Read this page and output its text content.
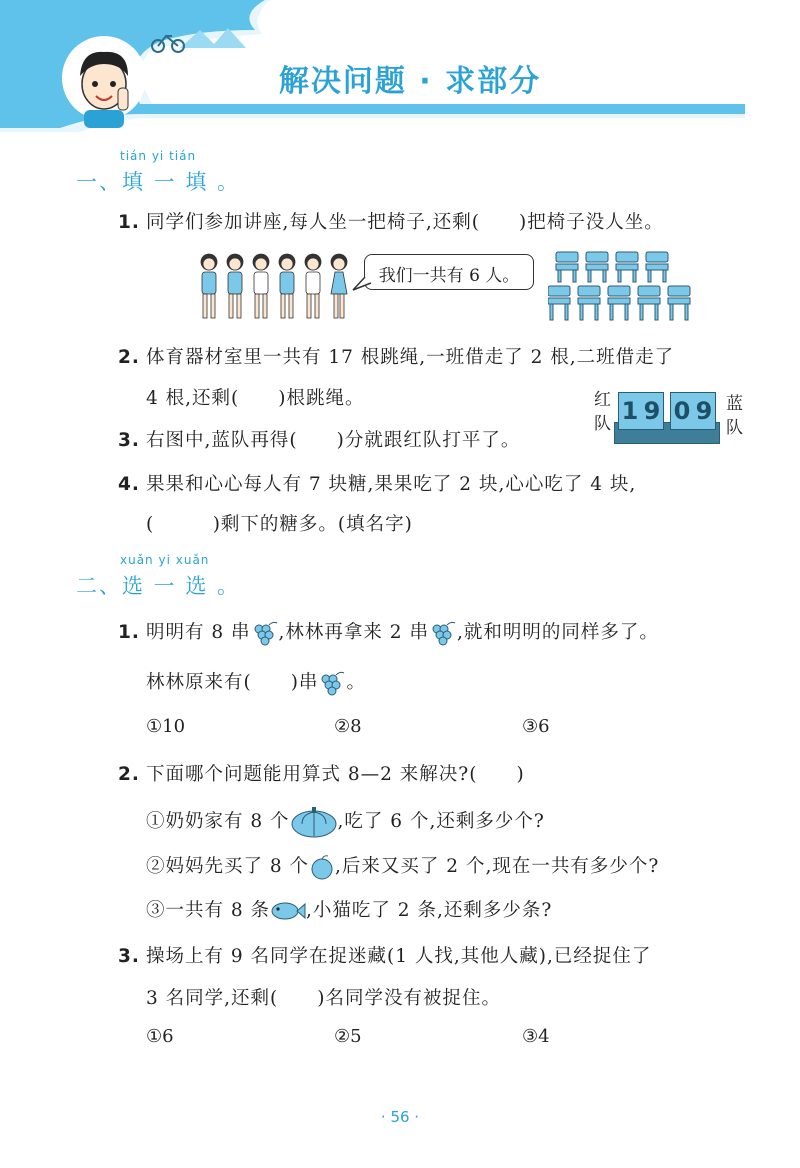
解决问题 · 求部分
tián yi tián
一、填 一 填 。
1. 同学们参加讲座,每人坐一把椅子,还剩(　　)把椅子没人坐。
我们一共有 6 人。
2. 体育器材室里一共有 17 根跳绳,一班借走了 2 根,二班借走了
4 根,还剩(　　)根跳绳。	红队
蓝队
1 9 0 9
3. 右图中,蓝队再得(　　)分就跟红队打平了。
4. 果果和心心每人有 7 块糖,果果吃了 2 块,心心吃了 4 块,
(　　　)剩下的糖多。(填名字)
xuǎn yi xuǎn
二、选 一 选 。
1. 明明有 8 串 ,林林再拿来 2 串 ,就和明明的同样多了。
林林原来有(　　)串 。
①10	②8	③6
2. 下面哪个问题能用算式 8—2 来解决?(　　)
①奶奶家有 8 个	,吃了 6 个,还剩多少个?
②妈妈先买了 8 个 ,后来又买了 2 个,现在一共有多少个?
③一共有 8 条 ,小猫吃了 2 条,还剩多少条?
3. 操场上有 9 名同学在捉迷藏(1 人找,其他人藏),已经捉住了
3 名同学,还剩(　　)名同学没有被捉住。
①6	②5	③4
· 56 ·
